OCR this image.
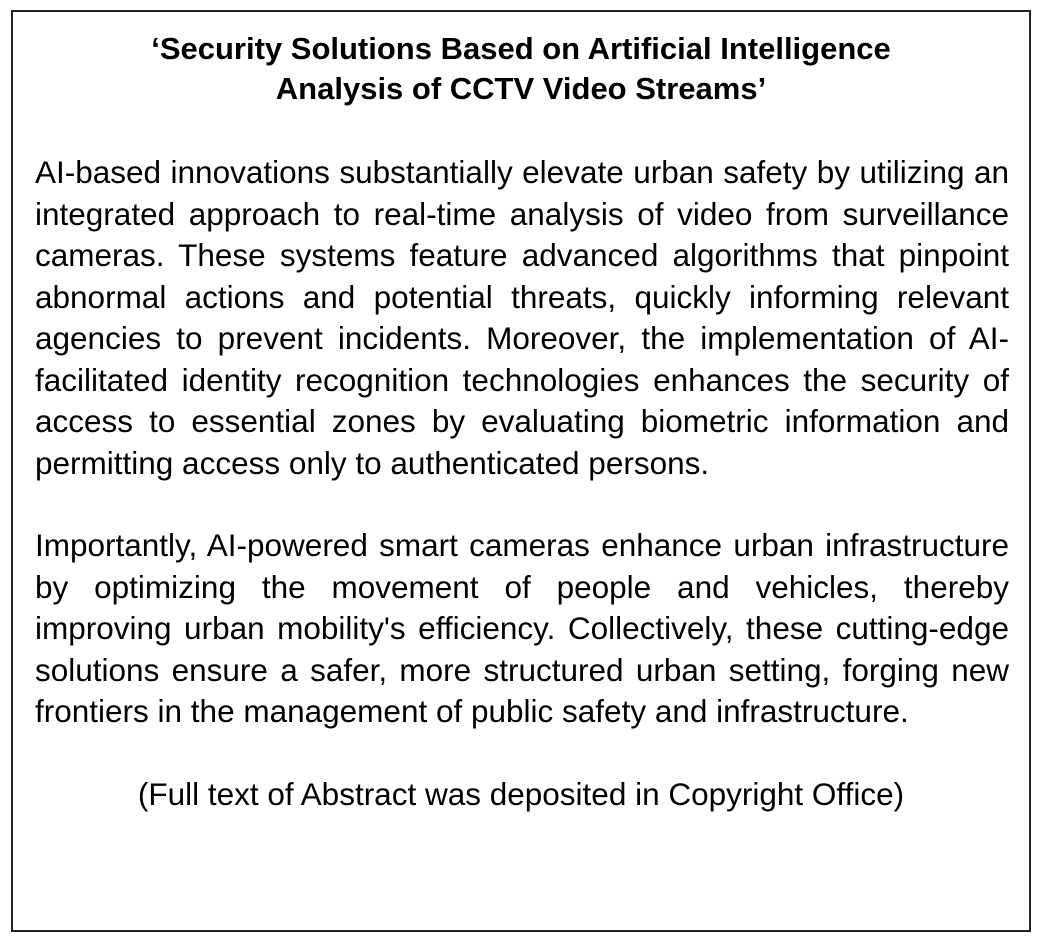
‘Security Solutions Based on Artificial Intelligence
Analysis of CCTV Video Streams’

AI-based innovations substantially elevate urban safety by utilizing an integrated approach to real-time analysis of video from surveillance cameras. These systems feature advanced algorithms that pinpoint abnormal actions and potential threats, quickly informing relevant agencies to prevent incidents. Moreover, the implementation of AI-facilitated identity recognition technologies enhances the security of access to essential zones by evaluating biometric information and permitting access only to authenticated persons.

Importantly, AI-powered smart cameras enhance urban infrastructure by optimizing the movement of people and vehicles, thereby improving urban mobility's efficiency. Collectively, these cutting-edge solutions ensure a safer, more structured urban setting, forging new frontiers in the management of public safety and infrastructure.

(Full text of Abstract was deposited in Copyright Office)
